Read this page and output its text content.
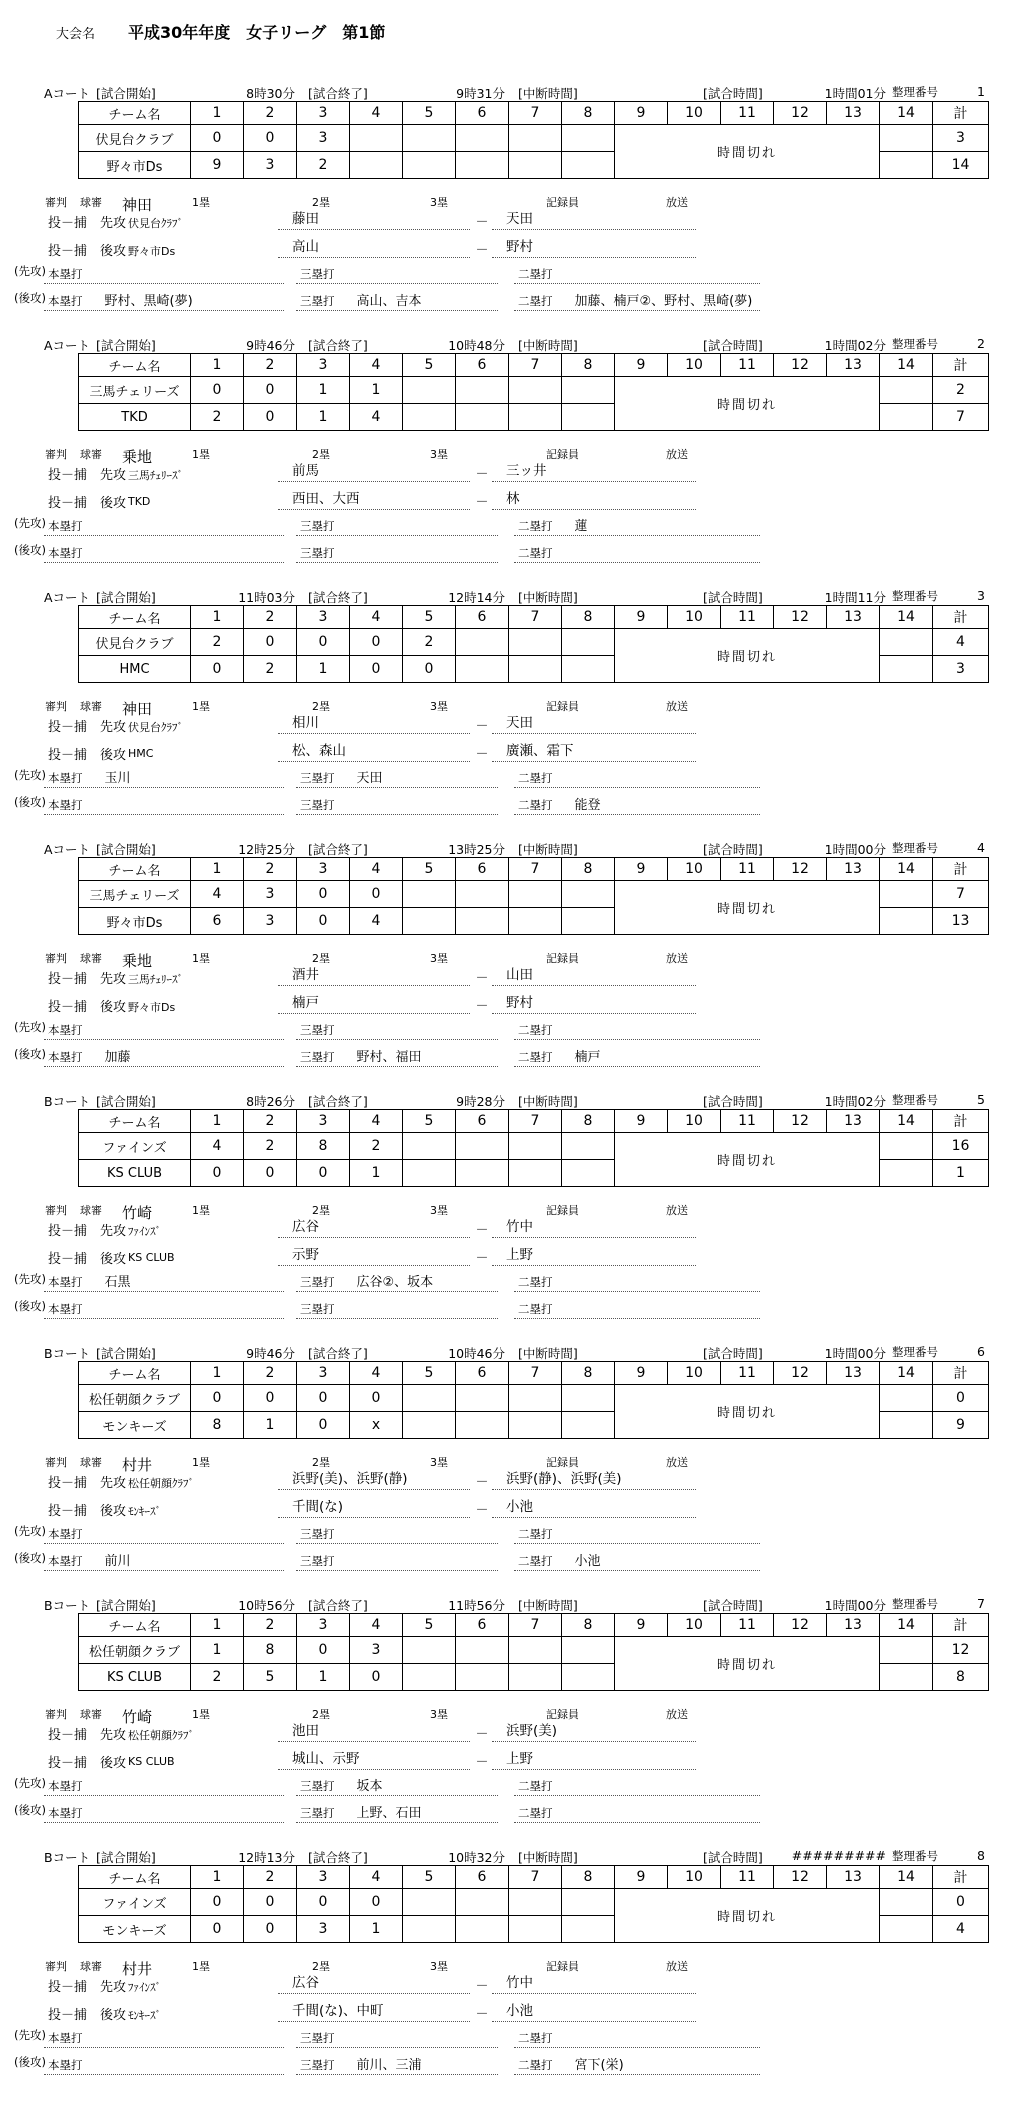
大会名 平成30年年度　女子リーグ　第1節
Aコート [試合開始]	8時30分 [試合終了]	9時31分 [中断時間]	[試合時間]	1時間01分 整理番号	1
チーム名	1	2	3	4	5	6	7	8	9	10	11	12	13	14	計
伏見台クラブ	0	0	3						時間切れ						3
野々市Ds	9	3	2												14
審判 球審 神田	1塁	2塁	3塁	記録員	放送
投－捕 先攻 伏見台ｸﾗﾌﾞ	藤田	－	天田
投－捕 後攻 野々市Ds	高山	－	野村
(先攻) 本塁打	三塁打	二塁打
(後攻) 本塁打 野村、黒崎(夢)	三塁打 高山、吉本	二塁打 加藤、楠戸②、野村、黒崎(夢)
Aコート [試合開始]	9時46分 [試合終了]	10時48分 [中断時間]	[試合時間]	1時間02分 整理番号	2
チーム名	1	2	3	4	5	6	7	8	9	10	11	12	13	14	計
三馬チェリーズ	0	0	1	1					時間切れ						2
TKD	2	0	1	4											7
審判 球審 乗地	1塁	2塁	3塁	記録員	放送
投－捕 先攻 三馬ﾁｪﾘｰｽﾞ	前馬	－	三ッ井
投－捕 後攻 TKD	西田、大西	－	林
(先攻) 本塁打	三塁打	二塁打 蓮
(後攻) 本塁打	三塁打	二塁打
Aコート [試合開始]	11時03分 [試合終了]	12時14分 [中断時間]	[試合時間]	1時間11分 整理番号	3
チーム名	1	2	3	4	5	6	7	8	9	10	11	12	13	14	計
伏見台クラブ	2	0	0	0	2				時間切れ						4
HMC	0	2	1	0	0										3
審判 球審 神田	1塁	2塁	3塁	記録員	放送
投－捕 先攻 伏見台ｸﾗﾌﾞ	相川	－	天田
投－捕 後攻 HMC	松、森山	－	廣瀬、霜下
(先攻) 本塁打 玉川	三塁打 天田	二塁打
(後攻) 本塁打	三塁打	二塁打 能登
Aコート [試合開始]	12時25分 [試合終了]	13時25分 [中断時間]	[試合時間]	1時間00分 整理番号	4
チーム名	1	2	3	4	5	6	7	8	9	10	11	12	13	14	計
三馬チェリーズ	4	3	0	0					時間切れ						7
野々市Ds	6	3	0	4											13
審判 球審 乗地	1塁	2塁	3塁	記録員	放送
投－捕 先攻 三馬ﾁｪﾘｰｽﾞ	酒井	－	山田
投－捕 後攻 野々市Ds	楠戸	－	野村
(先攻) 本塁打	三塁打	二塁打
(後攻) 本塁打 加藤	三塁打 野村、福田	二塁打 楠戸
Bコート [試合開始]	8時26分 [試合終了]	9時28分 [中断時間]	[試合時間]	1時間02分 整理番号	5
チーム名	1	2	3	4	5	6	7	8	9	10	11	12	13	14	計
ファインズ	4	2	8	2					時間切れ						16
KS CLUB	0	0	0	1											1
審判 球審 竹崎	1塁	2塁	3塁	記録員	放送
投－捕 先攻 ﾌｧｲﾝｽﾞ	広谷	－	竹中
投－捕 後攻 KS CLUB	示野	－	上野
(先攻) 本塁打 石黒	三塁打 広谷②、坂本	二塁打
(後攻) 本塁打	三塁打	二塁打
Bコート [試合開始]	9時46分 [試合終了]	10時46分 [中断時間]	[試合時間]	1時間00分 整理番号	6
チーム名	1	2	3	4	5	6	7	8	9	10	11	12	13	14	計
松任朝顔クラブ	0	0	0	0					時間切れ						0
モンキーズ	8	1	0	x											9
審判 球審 村井	1塁	2塁	3塁	記録員	放送
投－捕 先攻 松任朝顔ｸﾗﾌﾞ	浜野(美)、浜野(静)	－	浜野(静)、浜野(美)
投－捕 後攻 ﾓﾝｷｰｽﾞ	千間(な)	－	小池
(先攻) 本塁打	三塁打	二塁打
(後攻) 本塁打 前川	三塁打	二塁打 小池
Bコート [試合開始]	10時56分 [試合終了]	11時56分 [中断時間]	[試合時間]	1時間00分 整理番号	7
チーム名	1	2	3	4	5	6	7	8	9	10	11	12	13	14	計
松任朝顔クラブ	1	8	0	3					時間切れ						12
KS CLUB	2	5	1	0											8
審判 球審 竹崎	1塁	2塁	3塁	記録員	放送
投－捕 先攻 松任朝顔ｸﾗﾌﾞ	池田	－	浜野(美)
投－捕 後攻 KS CLUB	城山、示野	－	上野
(先攻) 本塁打	三塁打 坂本	二塁打
(後攻) 本塁打	三塁打 上野、石田	二塁打
Bコート [試合開始]	12時13分 [試合終了]	10時32分 [中断時間]	[試合時間]	######### 整理番号	8
チーム名	1	2	3	4	5	6	7	8	9	10	11	12	13	14	計
ファインズ	0	0	0	0					時間切れ						0
モンキーズ	0	0	3	1											4
審判 球審 村井	1塁	2塁	3塁	記録員	放送
投－捕 先攻 ﾌｧｲﾝｽﾞ	広谷	－	竹中
投－捕 後攻 ﾓﾝｷｰｽﾞ	千間(な)、中町	－	小池
(先攻) 本塁打	三塁打	二塁打
(後攻) 本塁打	三塁打 前川、三浦	二塁打 宮下(栄)
